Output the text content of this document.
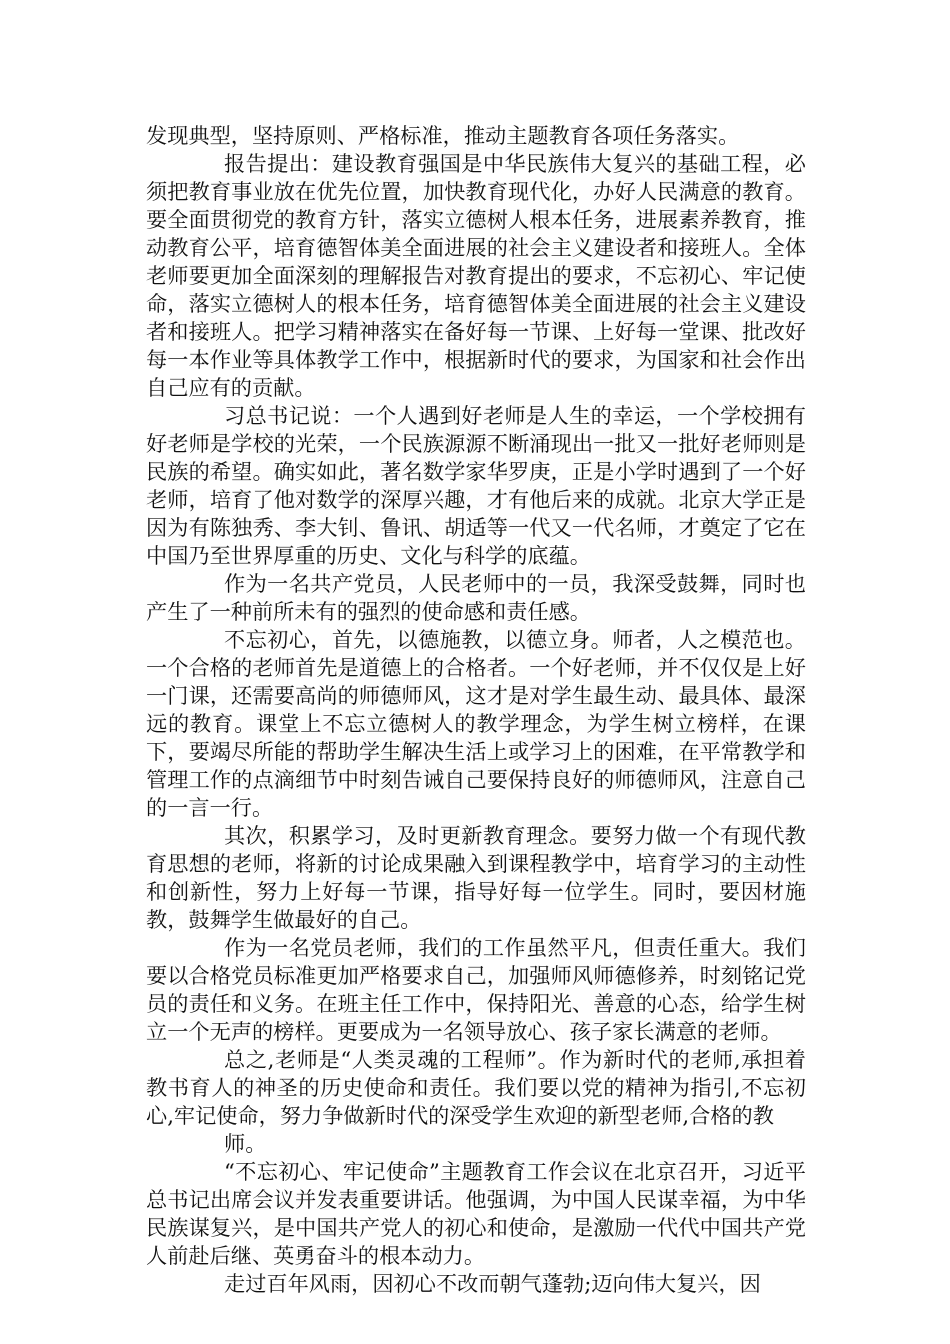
发现典型，坚持原则、严格标准，推动主题教育各项任务落实。

报告提出：建设教育强国是中华民族伟大复兴的基础工程，必须把教育事业放在优先位置，加快教育现代化，办好人民满意的教育。要全面贯彻党的教育方针，落实立德树人根本任务，进展素养教育，推动教育公平，培育德智体美全面进展的社会主义建设者和接班人。全体老师要更加全面深刻的理解报告对教育提出的要求，不忘初心、牢记使命，落实立德树人的根本任务，培育德智体美全面进展的社会主义建设者和接班人。把学习精神落实在备好每一节课、上好每一堂课、批改好每一本作业等具体教学工作中，根据新时代的要求，为国家和社会作出自己应有的贡献。

习总书记说：一个人遇到好老师是人生的幸运，一个学校拥有好老师是学校的光荣，一个民族源源不断涌现出一批又一批好老师则是民族的希望。确实如此，著名数学家华罗庚，正是小学时遇到了一个好老师，培育了他对数学的深厚兴趣，才有他后来的成就。北京大学正是因为有陈独秀、李大钊、鲁讯、胡适等一代又一代名师，才奠定了它在中国乃至世界厚重的历史、文化与科学的底蕴。

作为一名共产党员，人民老师中的一员，我深受鼓舞，同时也产生了一种前所未有的强烈的使命感和责任感。

不忘初心，首先，以德施教，以德立身。师者，人之模范也。一个合格的老师首先是道德上的合格者。一个好老师，并不仅仅是上好一门课，还需要高尚的师德师风，这才是对学生最生动、最具体、最深远的教育。课堂上不忘立德树人的教学理念，为学生树立榜样，在课下，要竭尽所能的帮助学生解决生活上或学习上的困难，在平常教学和管理工作的点滴细节中时刻告诫自己要保持良好的师德师风，注意自己的一言一行。

其次，积累学习，及时更新教育理念。要努力做一个有现代教育思想的老师，将新的讨论成果融入到课程教学中，培育学习的主动性和创新性，努力上好每一节课，指导好每一位学生。同时，要因材施教，鼓舞学生做最好的自己。

作为一名党员老师，我们的工作虽然平凡，但责任重大。我们要以合格党员标准更加严格要求自己，加强师风师德修养，时刻铭记党员的责任和义务。在班主任工作中，保持阳光、善意的心态，给学生树立一个无声的榜样。更要成为一名领导放心、孩子家长满意的老师。

总之,老师是“人类灵魂的工程师”。作为新时代的老师,承担着教书育人的神圣的历史使命和责任。我们要以党的精神为指引,不忘初心,牢记使命，努力争做新时代的深受学生欢迎的新型老师,合格的教

师。

“不忘初心、牢记使命”主题教育工作会议在北京召开，习近平总书记出席会议并发表重要讲话。他强调，为中国人民谋幸福，为中华民族谋复兴，是中国共产党人的初心和使命，是激励一代代中国共产党人前赴后继、英勇奋斗的根本动力。

走过百年风雨，因初心不改而朝气蓬勃;迈向伟大复兴，因
